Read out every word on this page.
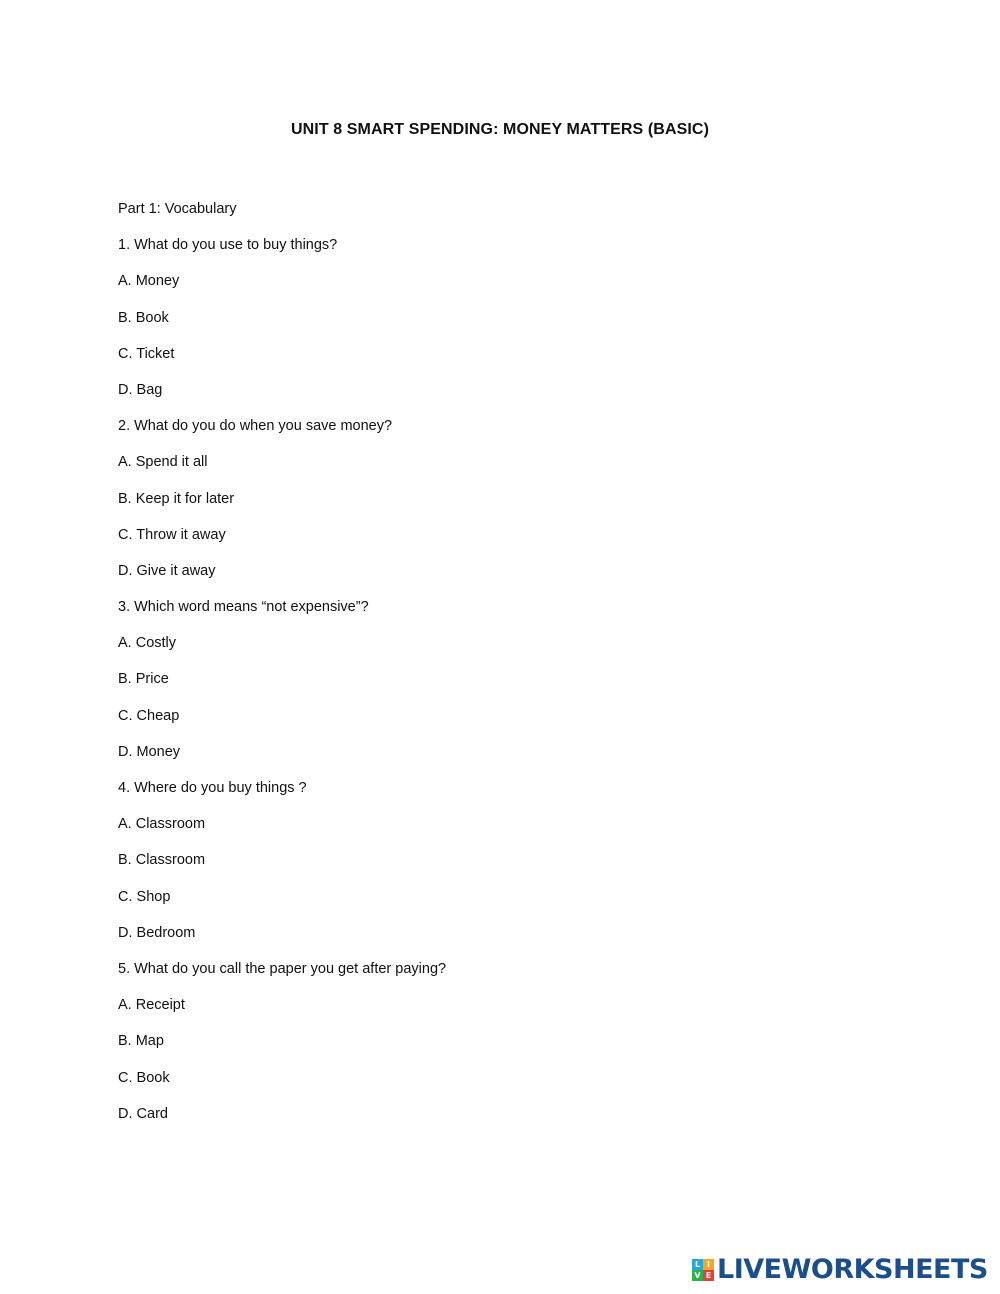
UNIT 8 SMART SPENDING: MONEY MATTERS (BASIC)
Part 1: Vocabulary
1. What do you use to buy things?
A. Money
B. Book
C. Ticket
D. Bag
2. What do you do when you save money?
A. Spend it all
B. Keep it for later
C. Throw it away
D. Give it away
3. Which word means “not expensive”?
A. Costly
B. Price
C. Cheap
D. Money
4. Where do you buy things ?
A. Classroom
B. Classroom
C. Shop
D. Bedroom
5. What do you call the paper you get after paying?
A. Receipt
B. Map
C. Book
D. Card
L I
V E LIVEWORKSHEETS
